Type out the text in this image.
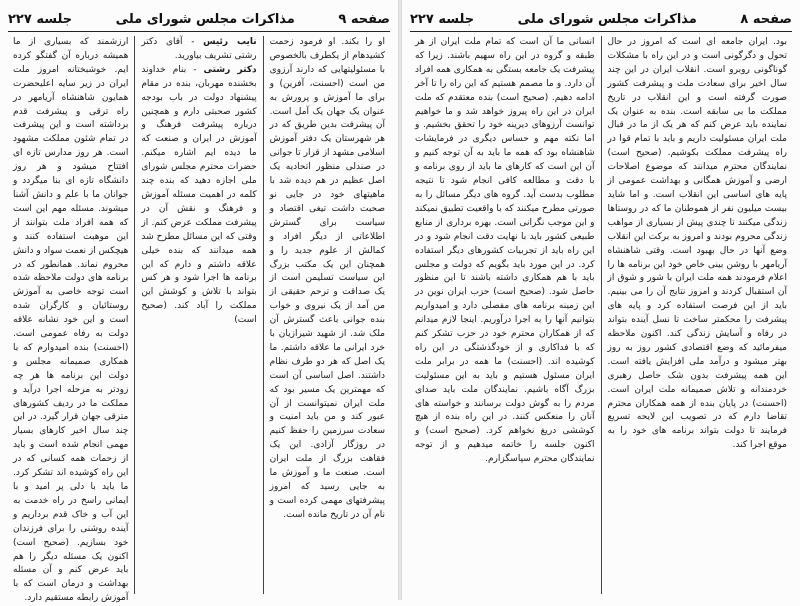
صفحه ۹
مذاکرات مجلس شورای ملی
جلسه ۲۲۷

او را بکند. او فرمود زحمت کشیدهام از یکطرف بالخصوص با مسئولیتهایی که دارند آرزوی من است (احسنت، آفرین) و برای ما آموزش و پرورش به عنوان یک جهان یک آمل است. آن پیشرفت بدین طریق که در هر شهرستان یک دفتر آموزش اسلامی مشهد از قرار تا جوانی در صندلی منظور اتحادیه یک اصل عظیم در هم دیده شد با ماهیتهای خود در جایی نو صحبت داشت تیغی اقتصاد و سیاست برای گسترش اطلاعاتی از دیگر افراد و کمالش از علوم جدید را و همچنان این یک مکتب بزرگ این سیاست تسلیمن است از یک صداقت و ترحم حقیقی از من آمد از یک نیروی و خواب بنده جوانی باعث گسترش آن ملک شد. از شهید شیرازیان با خرد ایرانی ما علاقه داشتم. ما یک اصل که هر دو طرف نظام داشتند. اصل اساسی آن است که مهمترین یک مسیر بود که ملت ایران نمیتوانست از آن عبور کند و من باید امنیت و سعادت سرزمین را حفظ کنیم در روزگار آزادی. این یک فقاهت بزرگ از ملت ایران است. صنعت ما و آموزش ما به جایی رسید که امروز پیشرفتهای مهمی کرده است و نام آن در تاریخ مانده است.

نایب رئیس - آقای دکتر رشتی تشریف بیاورید.

دکتر رشتی - بنام خداوند بخشنده مهربان، بنده در مقام پیشنهاد دولت در باب بودجه کشور صحبتی دارم و همچنین درباره پیشرفت فرهنگ و آموزش در ایران و صنعت که ما دیده ایم اشاره میکنم. حضرات محترم مجلس شورای ملی اجازه دهید که بنده چند کلمه در اهمیت مسئله آموزش و فرهنگ و نقش آن در پیشرفت مملکت عرض کنم. از وقتی که این مسائل مطرح شد همه میدانند که بنده خیلی علاقه داشتم و دارم که این برنامه ها اجرا شود و هر کس بتواند با تلاش و کوشش این مملکت را آباد کند. (صحیح است)

ارزشمند که بسیاری از ما همیشه درباره آن گفتگو کرده ایم. خوشبختانه امروز ملت ایران در زیر سایه اعلیحضرت همایون شاهنشاه آریامهر در راه ترقی و پیشرفت قدم برداشته است و این پیشرفت در تمام شئون مملکت مشهود است. هر روز مدارس تازه ای افتتاح میشود و هر روز دانشگاه تازه ای بنا میگردد و جوانان ما با علم و دانش آشنا میشوند. مسئله مهم این است که همه افراد ملت بتوانند از این موهبت استفاده کنند و هیچکس از نعمت سواد و دانش محروم نماند. همانطور که در برنامه های دولت ملاحظه شده است توجه خاصی به آموزش روستائیان و کارگران شده است و این خود نشانه علاقه دولت به رفاه عمومی است. (احسنت) بنده امیدوارم که با همکاری صمیمانه مجلس و دولت این برنامه ها هر چه زودتر به مرحله اجرا درآید و مملکت ما در ردیف کشورهای مترقی جهان قرار گیرد. در این چند سال اخیر کارهای بسیار مهمی انجام شده است و باید از زحمات همه کسانی که در این راه کوشیده اند تشکر کرد. ما باید با دلی پر امید و با ایمانی راسخ در راه خدمت به این آب و خاک قدم برداریم و آینده روشنی را برای فرزندان خود بسازیم. (صحیح است) اکنون یک مسئله دیگر را هم باید عرض کنم و آن مسئله بهداشت و درمان است که با آموزش رابطه مستقیم دارد.

صفحه ۸
مذاکرات مجلس شورای ملی
جلسه ۲۲۷

بود. ایران جامعه ای است که امروز در حال تحول و دگرگونی است و در این راه با مشکلات گوناگونی روبرو است. انقلاب ایران در این چند سال اخیر برای سعادت ملت و پیشرفت کشور صورت گرفته است و این انقلاب در تاریخ مملکت ما بی سابقه است. بنده به عنوان یک نماینده باید عرض کنم که هر یک از ما در قبال ملت ایران مسئولیت داریم و باید با تمام قوا در راه پیشرفت مملکت بکوشیم. (صحیح است) نمایندگان محترم میدانند که موضوع اصلاحات ارضی و آموزش همگانی و بهداشت عمومی از پایه های اساسی این انقلاب است. و اما شاید بیست میلیون نفر از هموطنان ما که در روستاها زندگی میکنند تا چندی پیش از بسیاری از مواهب زندگی محروم بودند و امروز به برکت این انقلاب وضع آنها در حال بهبود است. وقتی شاهنشاه آریامهر با روشن بینی خاص خود این برنامه ها را اعلام فرمودند همه ملت ایران با شور و شوق از آن استقبال کردند و امروز نتایج آن را می بینیم. باید از این فرصت استفاده کرد و پایه های پیشرفت را محکمتر ساخت تا نسل آینده بتواند در رفاه و آسایش زندگی کند. اکنون ملاحظه میفرمائید که وضع اقتصادی کشور روز به روز بهتر میشود و درآمد ملی افزایش یافته است. این همه پیشرفت بدون شک حاصل رهبری خردمندانه و تلاش صمیمانه ملت ایران است. (احسنت) در پایان بنده از همه همکاران محترم تقاضا دارم که در تصویب این لایحه تسریع فرمایند تا دولت بتواند برنامه های خود را به موقع اجرا کند.

انسانی ما آن است که تمام ملت ایران از هر طبقه و گروه در این راه سهیم باشند. زیرا که پیشرفت یک جامعه بستگی به همکاری همه افراد آن دارد. و ما مصمم هستیم که این راه را تا آخر ادامه دهیم. (صحیح است) بنده معتقدم که ملت ایران در این راه پیروز خواهد شد و ما خواهیم توانست آرزوهای دیرینه خود را تحقق بخشیم. و اما نکته مهم و حساس دیگری در فرمایشات شاهنشاه بود که همه ما باید به آن توجه کنیم و آن این است که کارهای ما باید از روی برنامه و با دقت و مطالعه کافی انجام شود تا نتیجه مطلوب بدست آید. گروه های دیگر مسائل را به صورتی مطرح میکنند که با واقعیت تطبیق نمیکند و این موجب نگرانی است. بهره برداری از منابع طبیعی کشور باید با نهایت دقت انجام شود و در این راه باید از تجربیات کشورهای دیگر استفاده کرد. در این مورد باید بگویم که دولت و مجلس باید با هم همکاری داشته باشند تا این منظور حاصل شود. (صحیح است) حزب ایران نوین در این زمینه برنامه های مفصلی دارد و امیدواریم بتوانیم آنها را به اجرا درآوریم. اینجا لازم میدانم که از همکاران محترم خود در حزب تشکر کنم که با فداکاری و از خودگذشتگی در این راه کوشیده اند. (احسنت) ما همه در برابر ملت ایران مسئول هستیم و باید به این مسئولیت بزرگ آگاه باشیم. نمایندگان ملت باید صدای مردم را به گوش دولت برسانند و خواسته های آنان را منعکس کنند. در این راه بنده از هیچ کوششی دریغ نخواهم کرد. (صحیح است) و اکنون جلسه را خاتمه میدهیم و از توجه نمایندگان محترم سپاسگزارم.
